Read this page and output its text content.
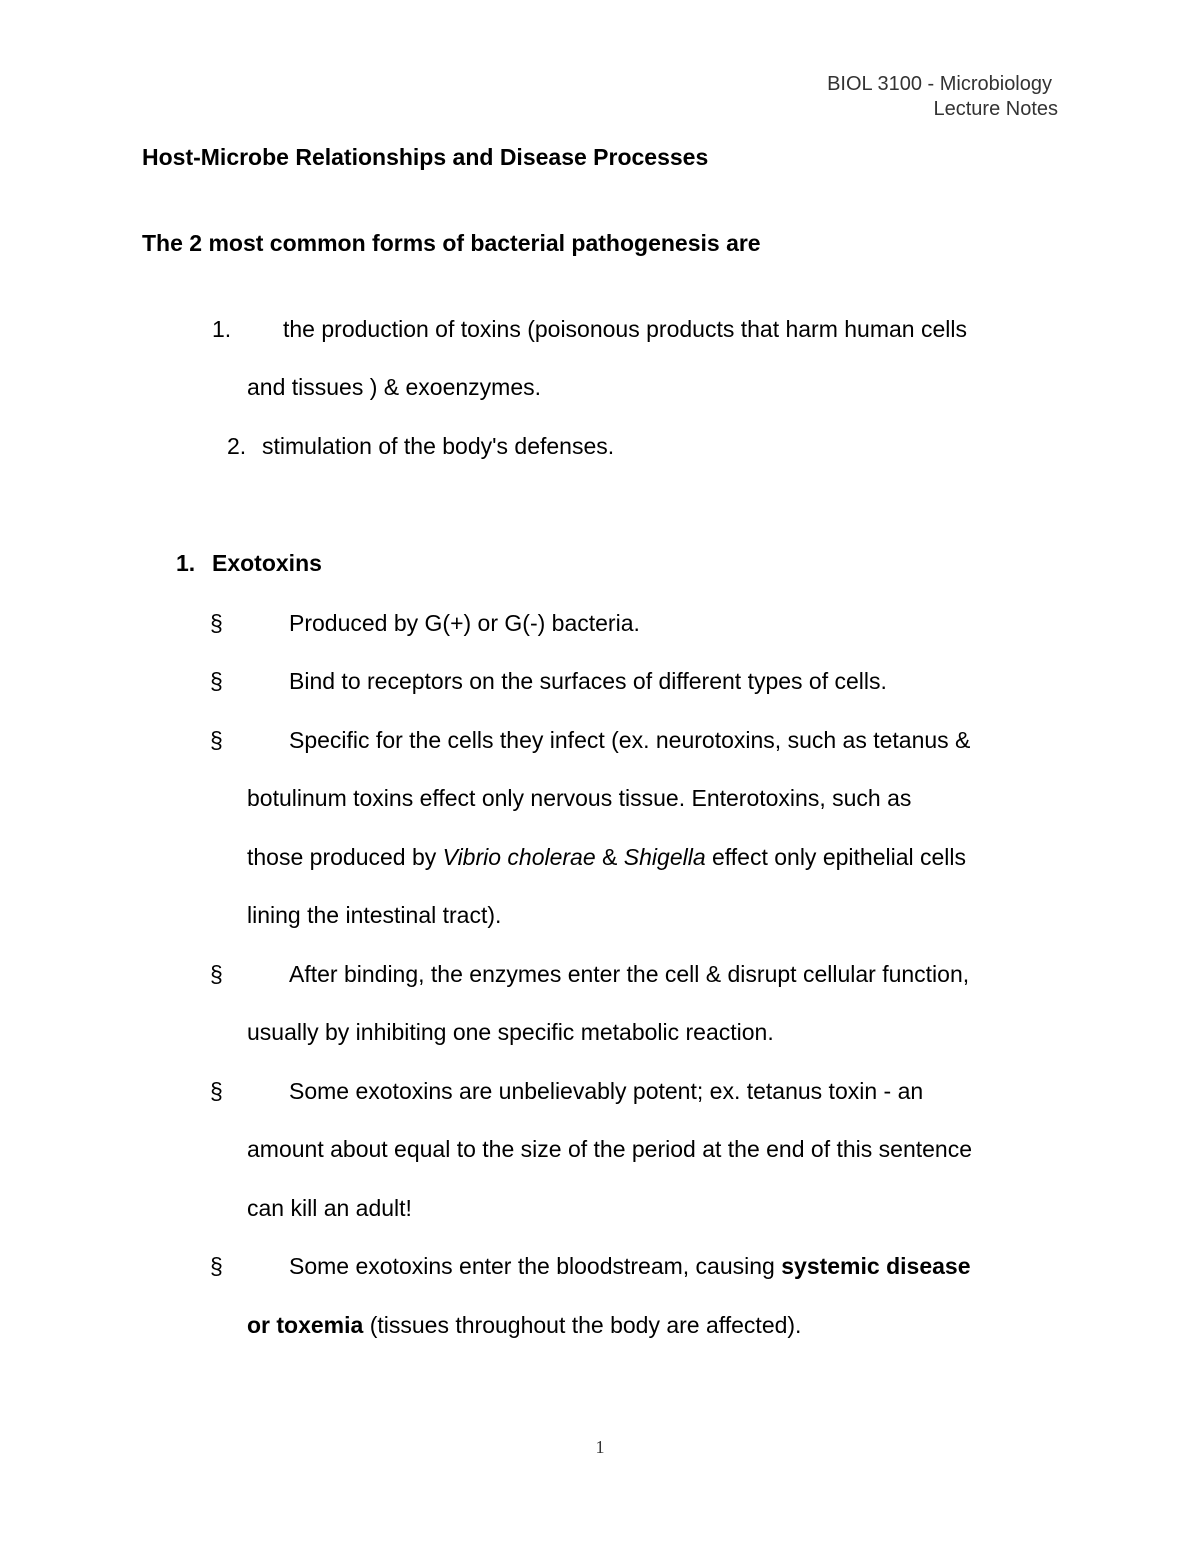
BIOL 3100 - Microbiology
Lecture Notes
Host-Microbe Relationships and Disease Processes
The 2 most common forms of bacterial pathogenesis are
1. the production of toxins (poisonous products that harm human cells
and tissues ) & exoenzymes.
2. stimulation of the body's defenses.
1. Exotoxins
§	Produced by G(+) or G(-) bacteria.
§	Bind to receptors on the surfaces of different types of cells.
§	Specific for the cells they infect (ex. neurotoxins, such as tetanus &
botulinum toxins effect only nervous tissue. Enterotoxins, such as
those produced by Vibrio cholerae & Shigella effect only epithelial cells
lining the intestinal tract).
§	After binding, the enzymes enter the cell & disrupt cellular function,
usually by inhibiting one specific metabolic reaction.
§	Some exotoxins are unbelievably potent; ex. tetanus toxin - an
amount about equal to the size of the period at the end of this sentence
can kill an adult!
§	Some exotoxins enter the bloodstream, causing systemic disease
or toxemia (tissues throughout the body are affected).
1
